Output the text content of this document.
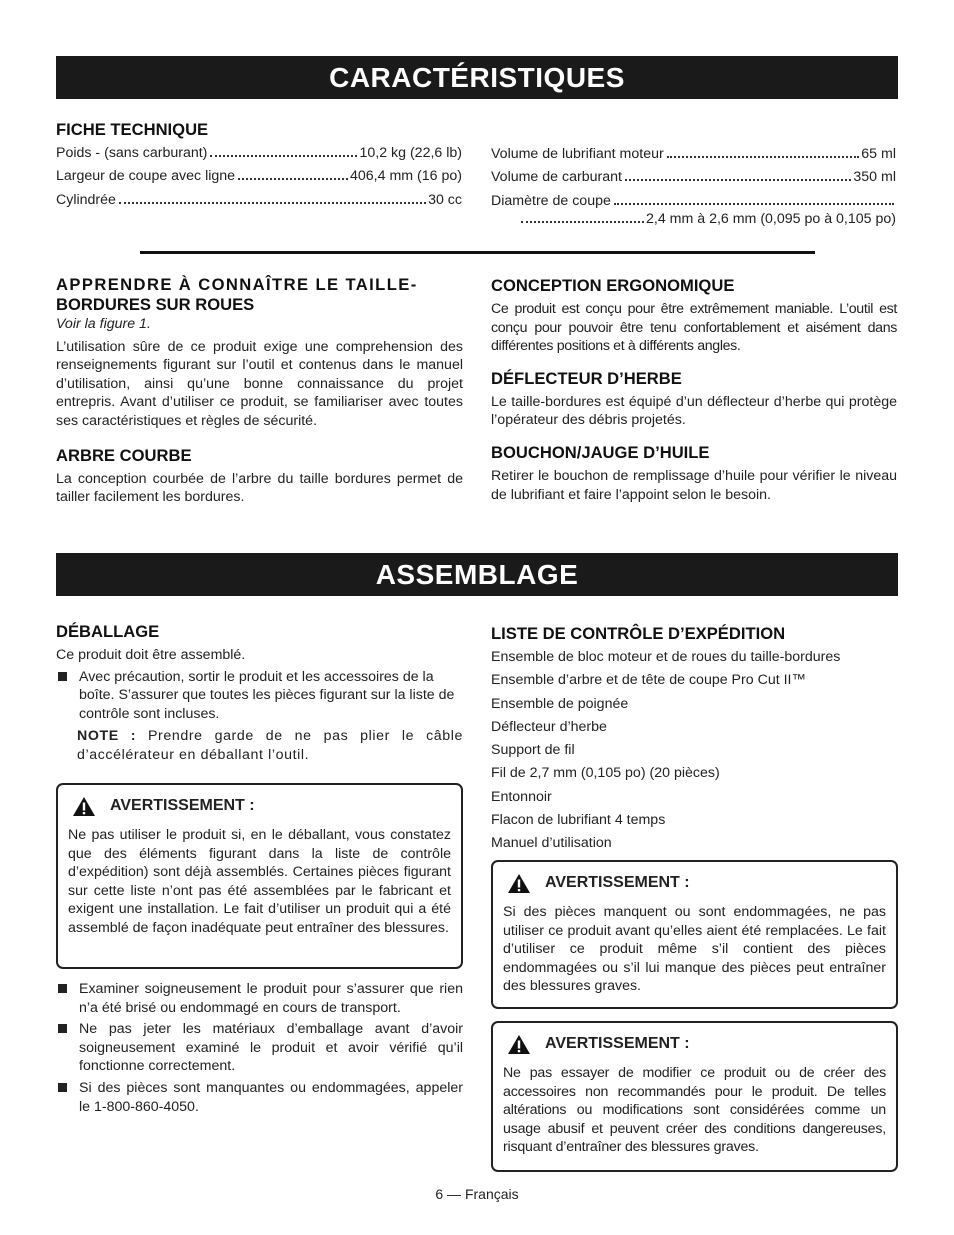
CARACTÉRISTIQUES
FICHE TECHNIQUE
Poids - (sans carburant)	10,2 kg (22,6 lb)
Largeur de coupe avec ligne	406,4 mm (16 po)
Cylindrée	30 cc
Volume de lubrifiant moteur	65 ml
Volume de carburant	350 ml
Diamètre de coupe
2,4 mm à 2,6 mm (0,095 po à 0,105 po)
APPRENDRE À CONNAÎTRE LE TAILLE-
BORDURES SUR ROUES

Voir la figure 1.

L’utilisation sûre de ce produit exige une comprehension des renseignements figurant sur l’outil et contenus dans le manuel d’utilisation, ainsi qu’une bonne connaissance du projet entrepris. Avant d’utiliser ce produit, se familiariser avec toutes ses caractéristiques et règles de sécurité.

ARBRE COURBE

La conception courbée de l’arbre du taille bordures permet de tailler facilement les bordures.

CONCEPTION ERGONOMIQUE

Ce produit est conçu pour être extrêmement maniable. L’outil est conçu pour pouvoir être tenu confortablement et aisément dans différentes positions et à différents angles.

DÉFLECTEUR D’HERBE

Le taille-bordures est équipé d’un déflecteur d’herbe qui protège l’opérateur des débris projetés.

BOUCHON/JAUGE D’HUILE

Retirer le bouchon de remplissage d’huile pour vérifier le niveau de lubrifiant et faire l’appoint selon le besoin.

ASSEMBLAGE
DÉBALLAGE

Ce produit doit être assemblé.

Avec précaution, sortir le produit et les accessoires de la boîte. S’assurer que toutes les pièces figurant sur la liste de contrôle sont incluses.

NOTE : Prendre garde de ne pas plier le câble d’accélérateur en déballant l’outil.

AVERTISSEMENT :

Ne pas utiliser le produit si, en le déballant, vous constatez que des éléments figurant dans la liste de contrôle d’expédition) sont déjà assemblés. Certaines pièces figurant sur cette liste n’ont pas été assemblées par le fabricant et exigent une installation. Le fait d’utiliser un produit qui a été assemblé de façon inadéquate peut entraîner des blessures.

Examiner soigneusement le produit pour s’assurer que rien n’a été brisé ou endommagé en cours de transport.
Ne pas jeter les matériaux d’emballage avant d’avoir soigneusement examiné le produit et avoir vérifié qu’il fonctionne correctement.
Si des pièces sont manquantes ou endommagées, appeler le 1-800-860-4050.
LISTE DE CONTRÔLE D’EXPÉDITION

Ensemble de bloc moteur et de roues du taille-bordures

Ensemble d’arbre et de tête de coupe Pro Cut II™

Ensemble de poignée

Déflecteur d’herbe

Support de fil

Fil de 2,7 mm (0,105 po) (20 pièces)

Entonnoir

Flacon de lubrifiant 4 temps

Manuel d’utilisation

AVERTISSEMENT :

Si des pièces manquent ou sont endommagées, ne pas utiliser ce produit avant qu’elles aient été remplacées. Le fait d’utiliser ce produit même s’il contient des pièces endommagées ou s’il lui manque des pièces peut entraîner des blessures graves.

AVERTISSEMENT :

Ne pas essayer de modifier ce produit ou de créer des accessoires non recommandés pour le produit. De telles altérations ou modifications sont considérées comme un usage abusif et peuvent créer des conditions dangereuses, risquant d’entraîner des blessures graves.

6 — Français
